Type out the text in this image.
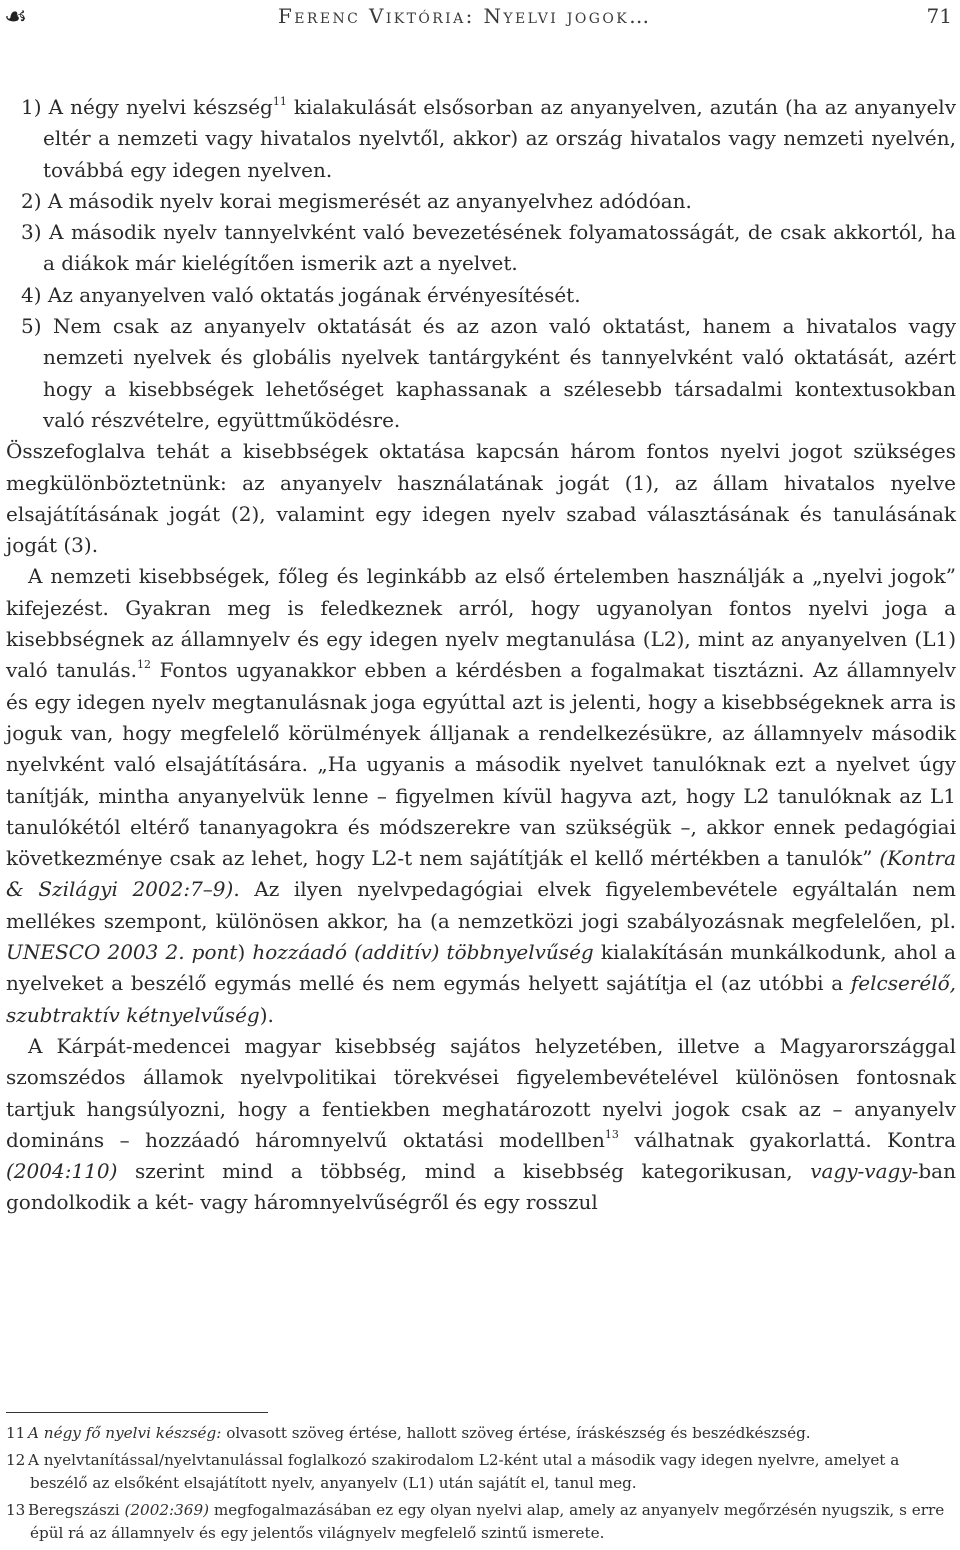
☙	Ferenc Viktória: Nyelvi jogok…	71

1) A négy nyelvi készség$^{11}$ kialakulását elsősorban az anyanyelven, azután (ha az anyanyelv eltér a nemzeti vagy hivatalos nyelvtől, akkor) az ország hivatalos vagy nemzeti nyelvén, továbbá egy idegen nyelven.

2) A második nyelv korai megismerését az anyanyelvhez adódóan.

3) A második nyelv tannyelvként való bevezetésének folyamatosságát, de csak akkortól, ha a diákok már kielégítően ismerik azt a nyelvet.

4) Az anyanyelven való oktatás jogának érvényesítését.

5) Nem csak az anyanyelv oktatását és az azon való oktatást, hanem a hivatalos vagy nemzeti nyelvek és globális nyelvek tantárgyként és tannyelvként való oktatását, azért hogy a kisebbségek lehetőséget kaphassanak a szélesebb társadalmi kontextusokban való részvételre, együttműködésre.

Összefoglalva tehát a kisebbségek oktatása kapcsán három fontos nyelvi jogot szükséges megkülönböztetnünk: az anyanyelv használatának jogát (1), az állam hivatalos nyelve elsajátításának jogát (2), valamint egy idegen nyelv szabad választásának és tanulásának jogát (3).

A nemzeti kisebbségek, főleg és leginkább az első értelemben használják a „nyelvi jogok” kifejezést. Gyakran meg is feledkeznek arról, hogy ugyanolyan fontos nyelvi joga a kisebbségnek az államnyelv és egy idegen nyelv megtanulása (L2), mint az anyanyelven (L1) való tanulás.$^{12}$ Fontos ugyanakkor ebben a kérdésben a fogalmakat tisztázni. Az államnyelv és egy idegen nyelv megtanulásnak joga egyúttal azt is jelenti, hogy a kisebbségeknek arra is joguk van, hogy megfelelő körülmények álljanak a rendelkezésükre, az államnyelv második nyelvként való elsajátítására. „Ha ugyanis a második nyelvet tanulóknak ezt a nyelvet úgy tanítják, mintha anyanyelvük lenne – figyelmen kívül hagyva azt, hogy L2 tanulóknak az L1 tanulókétól eltérő tananyagokra és módszerekre van szükségük –, akkor ennek pedagógiai következménye csak az lehet, hogy L2-t nem sajátítják el kellő mértékben a tanulók” (Kontra & Szilágyi 2002:7–9). Az ilyen nyelvpedagógiai elvek figyelembevétele egyáltalán nem mellékes szempont, különösen akkor, ha (a nemzetközi jogi szabályozásnak megfelelően, pl. UNESCO 2003 2. pont) hozzáadó (additív) többnyelvűség kialakításán munkálkodunk, ahol a nyelveket a beszélő egymás mellé és nem egymás helyett sajátítja el (az utóbbi a felcserélő, szubtraktív kétnyelvűség).

A Kárpát-medencei magyar kisebbség sajátos helyzetében, illetve a Magyarországgal szomszédos államok nyelvpolitikai törekvései figyelembevételével különösen fontosnak tartjuk hangsúlyozni, hogy a fentiekben meghatározott nyelvi jogok csak az – anyanyelv domináns – hozzáadó háromnyelvű oktatási modellben$^{13}$ válhatnak gyakorlattá. Kontra (2004:110) szerint mind a többség, mind a kisebbség kategorikusan, vagy-vagy-ban gondolkodik a két- vagy háromnyelvűségről és egy rosszul

11 A négy fő nyelvi készség: olvasott szöveg értése, hallott szöveg értése, íráskészség és beszédkészség.

12 A nyelvtanítással/nyelvtanulással foglalkozó szakirodalom L2-ként utal a második vagy idegen nyelvre, amelyet a beszélő az elsőként elsajátított nyelv, anyanyelv (L1) után sajátít el, tanul meg.

13 Beregszászi (2002:369) megfogalmazásában ez egy olyan nyelvi alap, amely az anyanyelv megőrzésén nyugszik, s erre épül rá az államnyelv és egy jelentős világnyelv megfelelő szintű ismerete.
